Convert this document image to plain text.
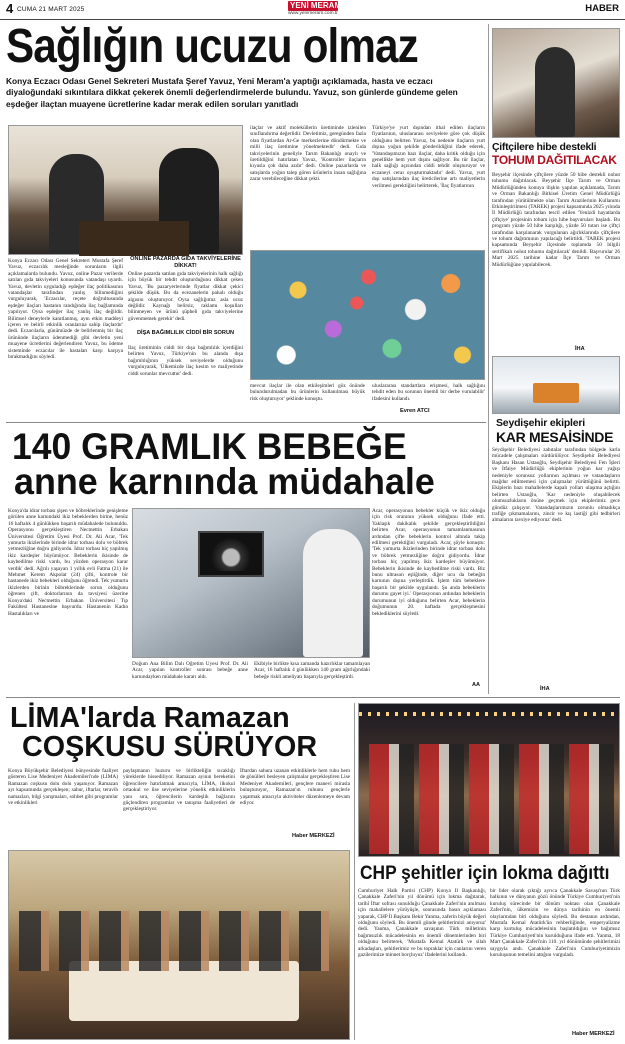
4 CUMA 21 MART 2025	YENİ MERAM
www.yenimeram.com.tr	HABER
Sağlığın ucuzu olmaz
Konya Eczacı Odası Genel Sekreteri Mustafa Şeref Yavuz, Yeni Meram'a yaptığı açıklamada, hasta ve eczacı diyaloğundaki sıkıntılara dikkat çekerek önemli değerlendirmelerde bulundu. Yavuz, son günlerde gündeme gelen eşdeğer ilaçtan muayene ücretlerine kadar merak edilen soruları yanıtladı
Konya Eczacı Odası Genel Sekreteri Mustafa Şeref Yavuz, eczacılık mesleğinde sorunların ilgili açıklamalarda bulundu. Yavuz, online Pazar verilerde satılan gıda takviyeleri konusunda vatandaşı uyardı. Yavuz, devletin uyguladığı eşdeğer ilaç politikasının vatandaşlar tarafından yanlış bilinmediğini vurguluyarak, 'Eczacılar, reçete doğrultusunda eşdeğer ilaçları hastanın randığında ilaç bağlamında yapılıyor. Oysa eşdeğer ilaç yanlış ilaç değildir. Bilimsel deneylerle kanıtlanmış, aynı etkin maddeyi içeren ve belirli etkinlik oranlarına sahip ilaçlardır' dedi. Eczacılarla, günümüzde de belirlenmiş bir ilaç ürününde ilaçların ödenmediği gibi devletin yeni muayene ücretlerini değerlendiren Yavuz, bu ödeme sisteminde eczacılar ile hastaları karşı karşıya bırakmadığını söyledi.
ilaçlar ve aktif moleküllerin üretiminde izlenilen sınıflandırma değerlidir. Devletimiz, geregünden fazla olan fiyatlardan Ar-Ge merkezlerine döndürmekte ve milli ilaç üretimine yönelmektedir' dedi. Gıda takviyelerinin geneliyle Tarım Bakanlığı onaylı ve üretildiğini hatırlatan Yavuz, 'Kontroller ilaçların kıyasla çok daha azdır' dedi. Online pazarlarda ve satışlarda yoğun talep gören ürünlerin insan sağlığına zarar verebileceğine dikkat çekti.
ONLİNE PAZARDA GIDA TAKVİYELERİNE DİKKAT!
Online pazarda satılan gıda takviyelerinin halk sağlığı için büyük bir tehdit oluşturduğunu dikkat çeken Yavuz, 'Bu pazaryerlerinde fiyatlar dikkat çekici şekilde düşük. Bu da ecezanelerin pahalı olduğu algısını oluşturuyor. Oysa sağlığımız asla ucuz değildir. Kaynağı belirsiz, raklamı koşulları bilinmeyen ve ürünü şüpheli gıda takviyelerine güvenmemek gerekir' dedi.
DİŞA BAĞIMLILIK CİDDİ BİR SORUN
İlaç üretiminin ciddi bir dışa bağımlılık içerdiğini belirten Yavuz, Türkiye'nin bu alanda dışa bağımlılığının yüksek seviyelerde olduğunu vurguluyarak, 'Ülkemizde ilaç kesim ve maliyetinde ciddi sorunlar mevcuttur' dedi.
Türkiye'ye yurt dışından ithal edilen ilaçların fiyatlarının, uluslararası seviyelere göre çok düşük olduğunu belirten Yavuz, bu nedenle ilaçların yurt dışına yoğun şekilde gönderildiğini ifade ederek, 'Vatandaşımızın bazı ilaçlar, daha kritik olduğu için genellikle hem yurt dışını sağlıyor. Bu tür ilaçlar, halk sağlığı açısından ciddi tehdit oluşturuyor ve eczaneyi ceraı oyuşturmaktadır' dedi. Yavuz, yurt dışı satışlarından ilaç üreticilerine artı maliyetlerin verilmesi gerektiğini belirterek, 'İlaç fiyatlarının
mevcut ilaçlar ile olan etkileşimleri göz önünde bulundurulmadan bu ürünlerin kullanılması büyük risk oluşturuyor' şeklinde konuştu.
uluslararası standartlara erişmesi, halk sağlığını tehdit eden bu sorunun önemli bir derbe vurulabilir' ifadesini kullandı.
Evren ATCI
Çiftçilere hibe destekli
TOHUM DAĞITILACAK
Beyşehir ilçesinde çiftçilere yüzde 50 hibe destekli nohut tohumu dağıtılacak. Beyşehir İlçe Tarım ve Orman Müdürlüğünden konuya ilişkin yapılan açıklamada, Tarım ve Orman Bakanlığı Bitkisel Üretim Genel Müdürlüğü tarafından yürütülmekte olan Tarım Arazilerinin Kullanımı Etkinleştirilmesi (TAREK) projesi kapsamında 2025 yılında İl Müdürlüğü tarafından tescil edilen 'Yenizdi hayatlarda çiftçiye' projesinin tohum için hibe başvuruları başladı. Bu program yüzde 50 hibe karşılığı, yüzde 50 tutarı ise çiftçi tarafından karşılanarak vurgulanan ağırlıklarında çiftçilere ve tohum dağıtımının yapılacağı belirtildi. 'TAREK projesi kapsamında Beyşehir ilçesinde toplamda 50 bilgili sertifikalı nohut tohumu dağıtılacak' denildi. Başvurular 26 Mart 2025 tarihine kadar İlçe Tarım ve Orman Müdürlüğüne yapılabilecek.
İHA
Seydişehir ekipleri
KAR MESAİSİNDE
Seydişehir Belediyesi zabıtalar tarafından bölgede karla mücadele çalışmaları sürdürülüyor. Seydişehir Belediyesi Başkanı Hasan Ustaoğlu, Seydişehir Belediyesi Fen İşleri ve İtfaiye Müdürlüğü ekiplerinin yoğun kar yağışı nedeniyle sorunsuz yollarının açılması ve vatandaşların mağdur edilmemesi için çalışmalar yürüttüğünü belirtti. Ekiplerin bazı mahallelerde kapalı yolları ulaşıma açtığını belirten Ustaoğlu, 'Kar nedeniyle oluşabilecek olumsuzlukların önüne geçmek için ekiplerimiz gece gündüz çalışıyor. Vatandaşlarımızın zorunlu olmadıkça trafiğe çıkmamalarını, zincir ve kış lastiği gibi tedbirleri almalarını tavsiye ediyoruz' dedi.
İHA
140 GRAMLIK BEBEĞE
anne karnında müdahale
Konya'da idrar torbası şişen ve böbreklerinde genişleme görülen anne karnındaki ikiz bebeklerden birine, henüz 16 haftalık 4 günlükken başarılı müdahalede bulunuldu. Operasyonu gerçekleştiren Necmettin Erbakan Üniversitesi Öğretim Üyesi Prof. Dr. Ali Acar, 'Tek yumurta ikizlerinde birinde idrar torbası dolu ve böbrek yetmezliğine doğru gidiyordu. İdrar torbası hiç yapılmış ikiz kardeşler büyümüyor. Bebeklerin ikisinde de kaybedilme riski vardı, bu yüzden operasyon karar verdik' dedi. Ağrılı yaşayan 1 yıllık evli Fatma (21) ile Mehmet Kerem Akpolat (24) çifti, kontrole bir hastanede ikiz bebekleri olduğunu öğrendi. Tek yumurta ikizlerden birinin böbreklerinde sorun olduğunu öğrenen çift, doktorlarının da tavsiyesi üzerine Konya'daki Necmettin Erbakan Üniversitesi Tıp Fakültesi Hastanesine başvurdu. Hastanenin Kadın Hastalıkları ve
Doğum Ana Bilim Dalı Öğretim Üyesi Prof. Dr. Ali Acar, yapılan kontroller sonrası bebeğe anne karnındayken müdahale kararı aldı.
Ekibiyle birlikte kısa zamanda hazırlıklar tamamlayan Acar, 16 haftalık 4 günlükken 140 gram ağırlığındaki bebeğe riskli ameliyatı başarıyla gerçekleştirdi.
Acar, operasyonun bebekler küçük ve ikiz olduğu için risk oranının yüksek olduğunu ifade etti. Yaklaşık dakikalık şekilde gerçekleştirildiğini belirten Acar, operasyonun tamamlanmasının ardından çifte bebeklerin kontrol altında takip edilmesi gerektiğini vurguladı. Acar, şöyle konuştu: 'Tek yumurta ikizlerinden birinde idrar torbası dolu ve böbrek yetmezliğine doğru gidiyordu. İdrar torbası hiç yapılmış ikiz kardeşler büyümüyor. Bebeklerin ikisinde de kaybedilme riski vardı. Biz bunu ultrason eşliğinde, diğer ucu da bebeğin karnının dışına yerleştirdik. İşlem tüm bebeklere başarılı bir şekilde uygulandı. Şu anda bebeklerin durumu gayet iyi.' Operasyonun ardından bebeklerin durumunun iyi olduğunu belirten Acar, bebeklerin doğumunun 20. haftada gerçekleşmesini beklediklerini söyledi.
AA
LİMA'larda Ramazan
COŞKUSU SÜRÜYOR
Konya Büyükşehir Belediyesi bünyesinde faaliyet gösteren Lise Medeniyet Akademileri'nde (LİMA) Ramazan coşkusu dolu dolu yaşanıyor. Ramazan ayı kapsamında gerçekleşen; sahur, iftarlar, teravih namazları, bilgi yarışmaları, sohbet gibi programlar ve etkinlikleri
paylaşmanın huzuru ve birlikteliğin sıcaklığı yüreklerde hissediliyor. Ramazan ayının bereketini öğrencilere hatırlatmak amacıyla, LİMA, ilkokul ortaokul ve lise seviyelerine yönelik etkinliklerin yanı sıra, öğrencilerin kardeşlik bağlarını güçlendiren programlar ve tanışma faaliyetleri de gerçekleştiriyor.
İftardan sahura uzanan etkinliklerle hem ruhu hem de gönülleri besleyen çalışmalar gerçekleştiren Lise Medeniyet Akademileri, gençlere manevi mirasla buluşturuyor, Ramazan'ın ruhunu gençlerle yaşatmak amacıyla aktiviteler düzenlemeye devam ediyor.
Haber MERKEZİ
CHP şehitler için lokma dağıttı
Cumhuriyet Halk Partisi (CHP) Konya İl Başkanlığı, Çanakkale Zaferi'nin yıl dönümü için lokma dağıtarak, tarihî İftar sofrası sunulduğu Çanakkale Zaferi'nin anılması için mahallelere yürüyüşle, sonrasında basın açıklaması yaparak, CHP İl Başkanı Bekir Yanma, zaferin büyük değeri olduğunu söyledi. Bu önemli günde şehitlerimizi anıyoruz' dedi. Yanma, Çanakkale savaşının Türk milletinin bağımsızlık mücadelesinin en önemli dönemlerinden biri olduğunu belirterek, 'Mustafa Kemal Atatürk ve silah arkadaşları, şehitlerimiz ve bu topraklar için canlarını veren gazilerimize minnet borçluyuz' ifadelerini kullandı.
bir lider olarak çıktığı ayrıca Çanakkale Savaşı'nın Türk halkının ve dünyanın gözü önünde Türkiye Cumhuriyeti'nin kuruluş sürecinde bir dönüm noktası olan Çanakkale Zaferi'nin, ülkemizin ve dünya tarihinin en önemli olaylarından biri olduğunu söyledi. Bu destanın ardından, Mustafa Kemal Atatürk'ün rehberliğinde, emperyalizme karşı kurtuluş mücadelesinin başlatıldığını ve bağımsız Türkiye Cumhuriyeti'nin kurulduğunu ifade etti. Yanma, 18 Mart Çanakkale Zaferi'nin 110. yıl dönümünde şehitlerimizi saygıyla andı. Çanakkale Zaferi'nin Cumhuriyetimizin kuruluşunun temelini attığını vurguladı.
Haber MERKEZİ
